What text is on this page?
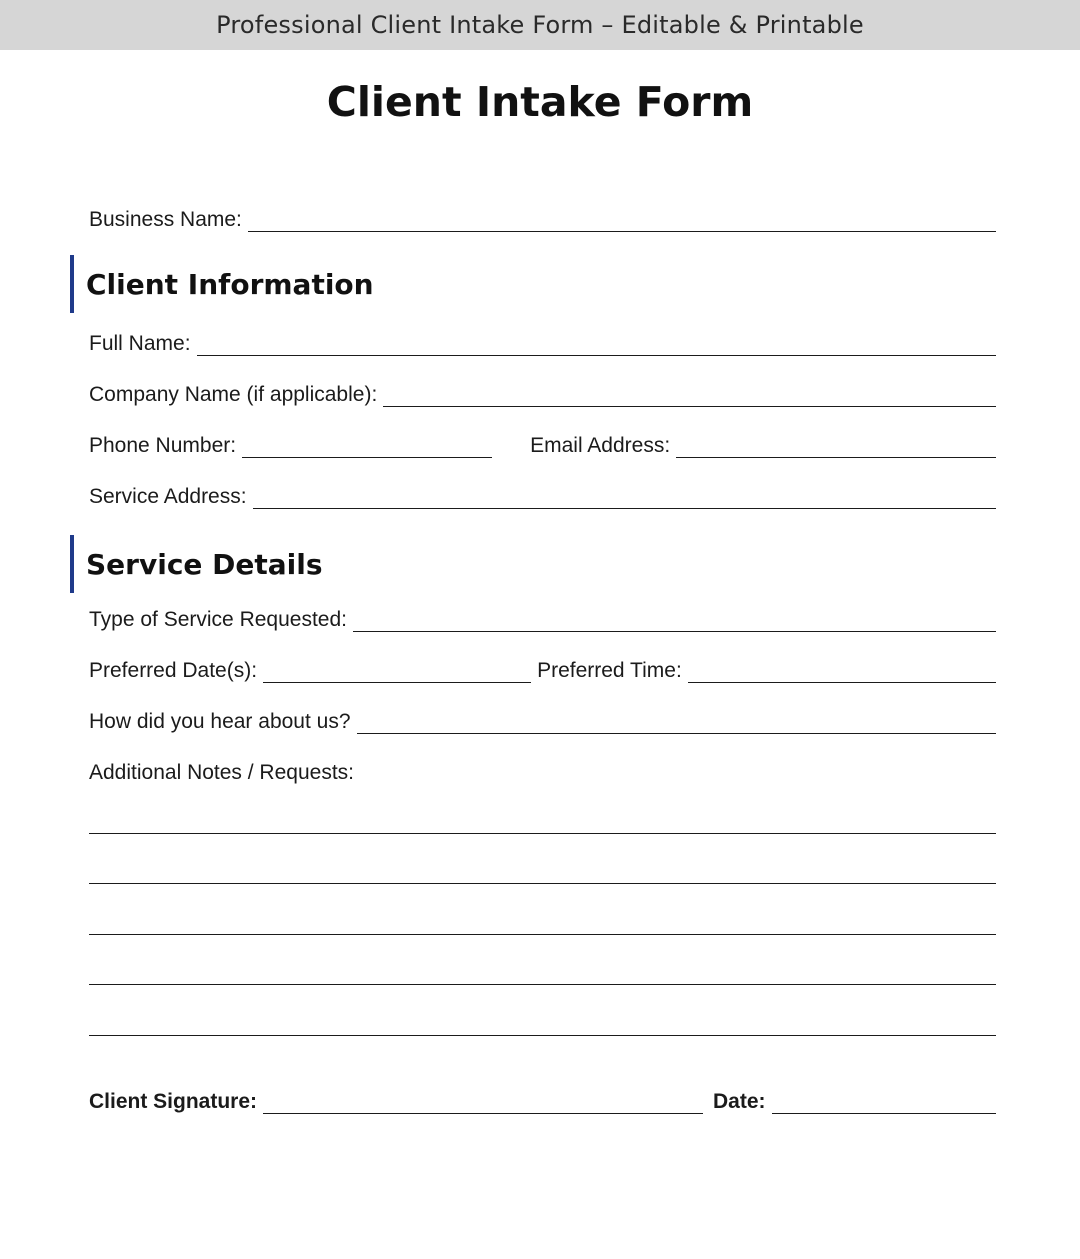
Professional Client Intake Form – Editable & Printable
Client Intake Form
Business Name:
Client Information
Full Name:
Company Name (if applicable):
Phone Number:	Email Address:
Service Address:
Service Details
Type of Service Requested:
Preferred Date(s):	Preferred Time:
How did you hear about us?
Additional Notes / Requests:
Client Signature:	Date:
